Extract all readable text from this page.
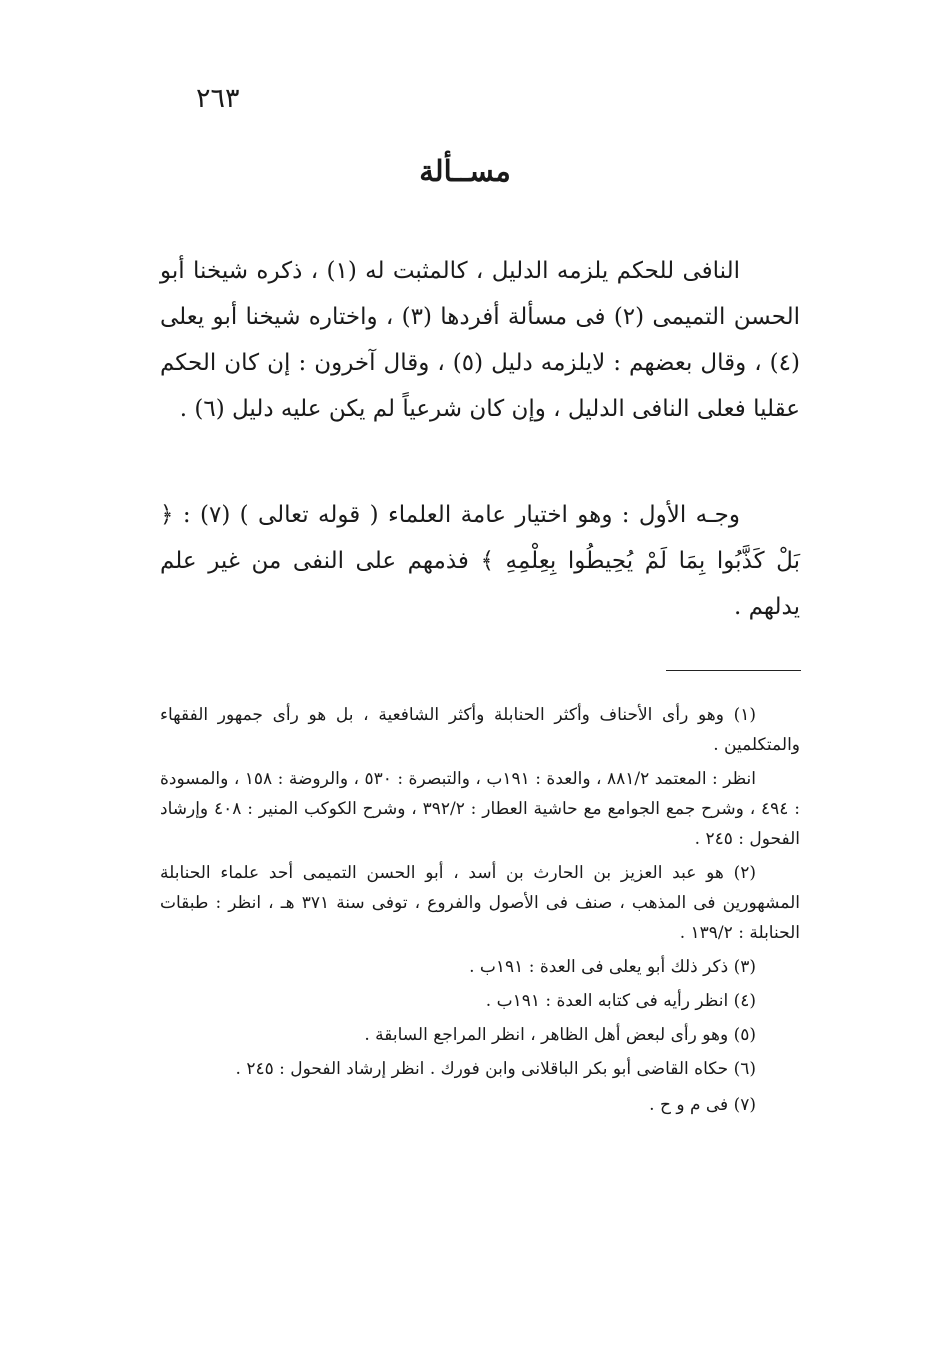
٢٦٣
مســألة

النافى للحكم يلزمه الدليل ، كالمثبت له (١) ، ذكره شيخنا أبو الحسن التميمى (٢) فى مسألة أفردها (٣) ، واختاره شيخنا أبو يعلى (٤) ، وقال بعضهم : لايلزمه دليل (٥) ، وقال آخرون : إن كان الحكم عقليا فعلى النافى الدليل ، وإن كان شرعياً لم يكن عليه دليل (٦) .

وجـه الأول : وهو اختيار عامة العلماء ( قوله تعالى ) (٧) : ﴿ بَلْ كَذَّبُوا بِمَا لَمْ يُحِيطُوا بِعِلْمِهِ ﴾ فذمهم على النفى من غير علم يدلهم .

(١) وهو رأى الأحناف وأكثر الحنابلة وأكثر الشافعية ، بل هو رأى جمهور الفقهاء والمتكلمين .

انظر : المعتمد ٨٨١/٢ ، والعدة : ١٩١ب ، والتبصرة : ٥٣٠ ، والروضة : ١٥٨ ، والمسودة : ٤٩٤ ، وشرح جمع الجوامع مع حاشية العطار : ٣٩٢/٢ ، وشرح الكوكب المنير : ٤٠٨ وإرشاد الفحول : ٢٤٥ .

(٢) هو عبد العزيز بن الحارث بن أسد ، أبو الحسن التميمى أحد علماء الحنابلة المشهورين فى المذهب ، صنف فى الأصول والفروع ، توفى سنة ٣٧١ هـ ، انظر : طبقات الحنابلة : ١٣٩/٢ .

(٣) ذكر ذلك أبو يعلى فى العدة : ١٩١ب .

(٤) انظر رأيه فى كتابه العدة : ١٩١ب .

(٥) وهو رأى لبعض أهل الظاهر ، انظر المراجع السابقة .

(٦) حكاه القاضى أبو بكر الباقلانى وابن فورك . انظر إرشاد الفحول : ٢٤٥ .

(٧) فى م و ح .
